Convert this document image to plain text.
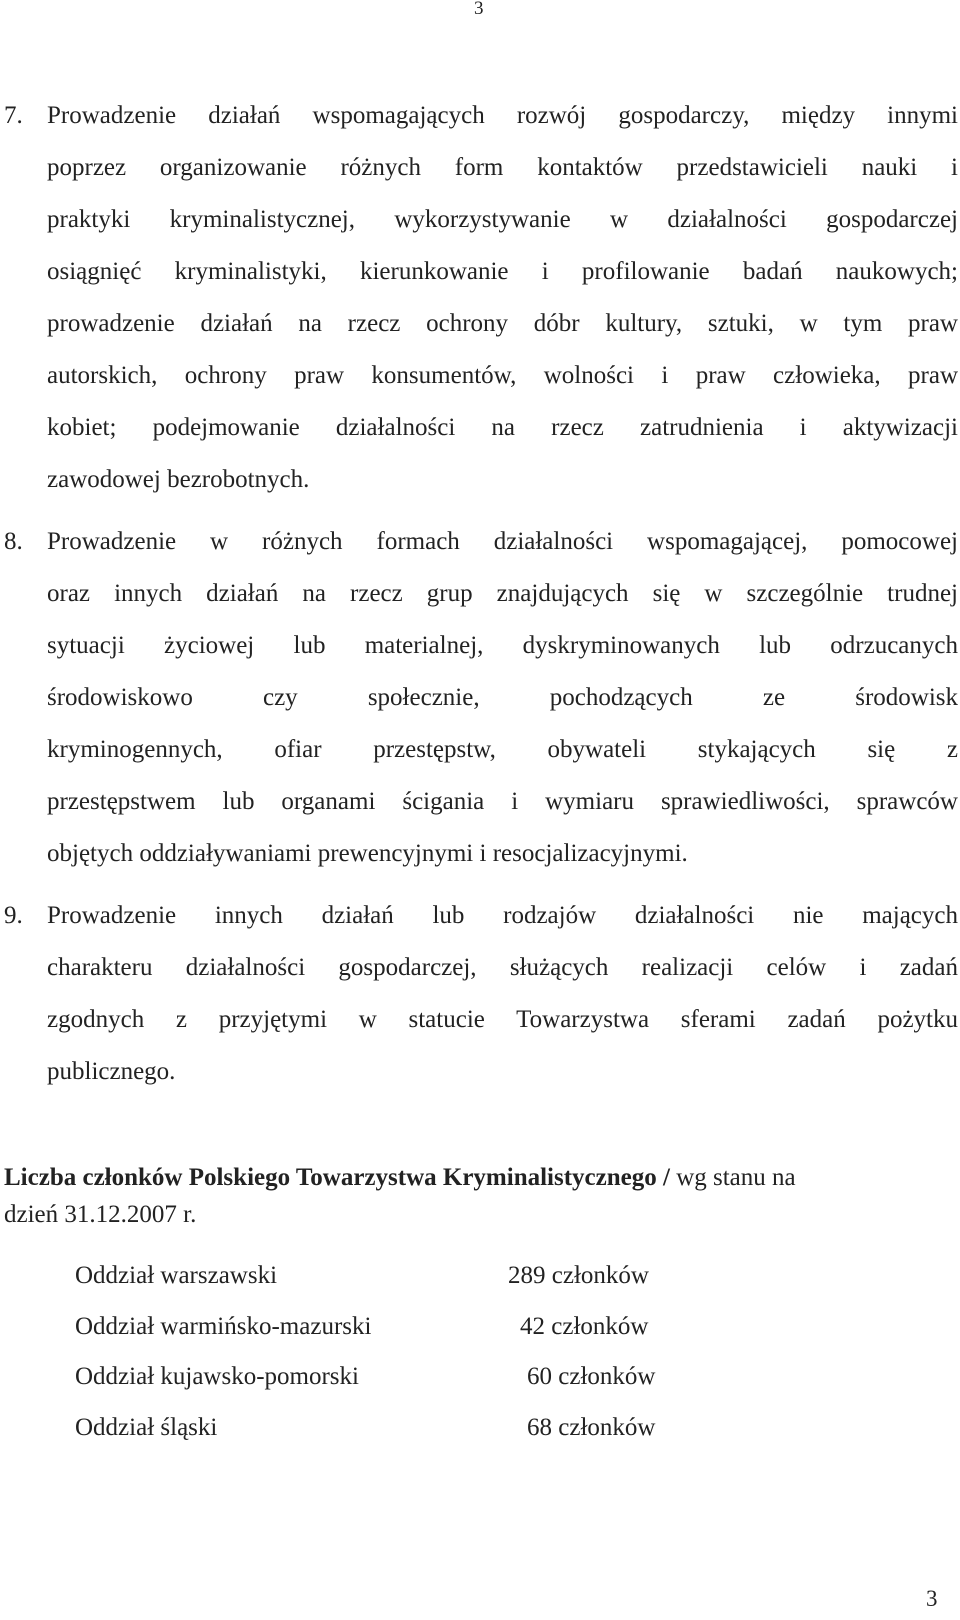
3
7. Prowadzenie działań wspomagających rozwój gospodarczy, między innymi
poprzez organizowanie różnych form kontaktów przedstawicieli nauki i
praktyki kryminalistycznej, wykorzystywanie w działalności gospodarczej
osiągnięć kryminalistyki, kierunkowanie i profilowanie badań naukowych;
prowadzenie działań na rzecz ochrony dóbr kultury, sztuki, w tym praw
autorskich, ochrony praw konsumentów, wolności i praw człowieka, praw
kobiet; podejmowanie działalności na rzecz zatrudnienia i aktywizacji
zawodowej bezrobotnych.
8. Prowadzenie w różnych formach działalności wspomagającej, pomocowej
oraz innych działań na rzecz grup znajdujących się w szczególnie trudnej
sytuacji życiowej lub materialnej, dyskryminowanych lub odrzucanych
środowiskowo czy społecznie, pochodzących ze środowisk
kryminogennych, ofiar przestępstw, obywateli stykających się z
przestępstwem lub organami ścigania i wymiaru sprawiedliwości, sprawców
objętych oddziaływaniami prewencyjnymi i resocjalizacyjnymi.
9. Prowadzenie innych działań lub rodzajów działalności nie mających
charakteru działalności gospodarczej, służących realizacji celów i zadań
zgodnych z przyjętymi w statucie Towarzystwa sferami zadań pożytku
publicznego.
Liczba członków Polskiego Towarzystwa Kryminalistycznego / wg stanu na
dzień 31.12.2007 r.
Oddział warszawski	289 członków
Oddział warmińsko-mazurski	42 członków
Oddział kujawsko-pomorski	60 członków
Oddział śląski	68 członków
3
